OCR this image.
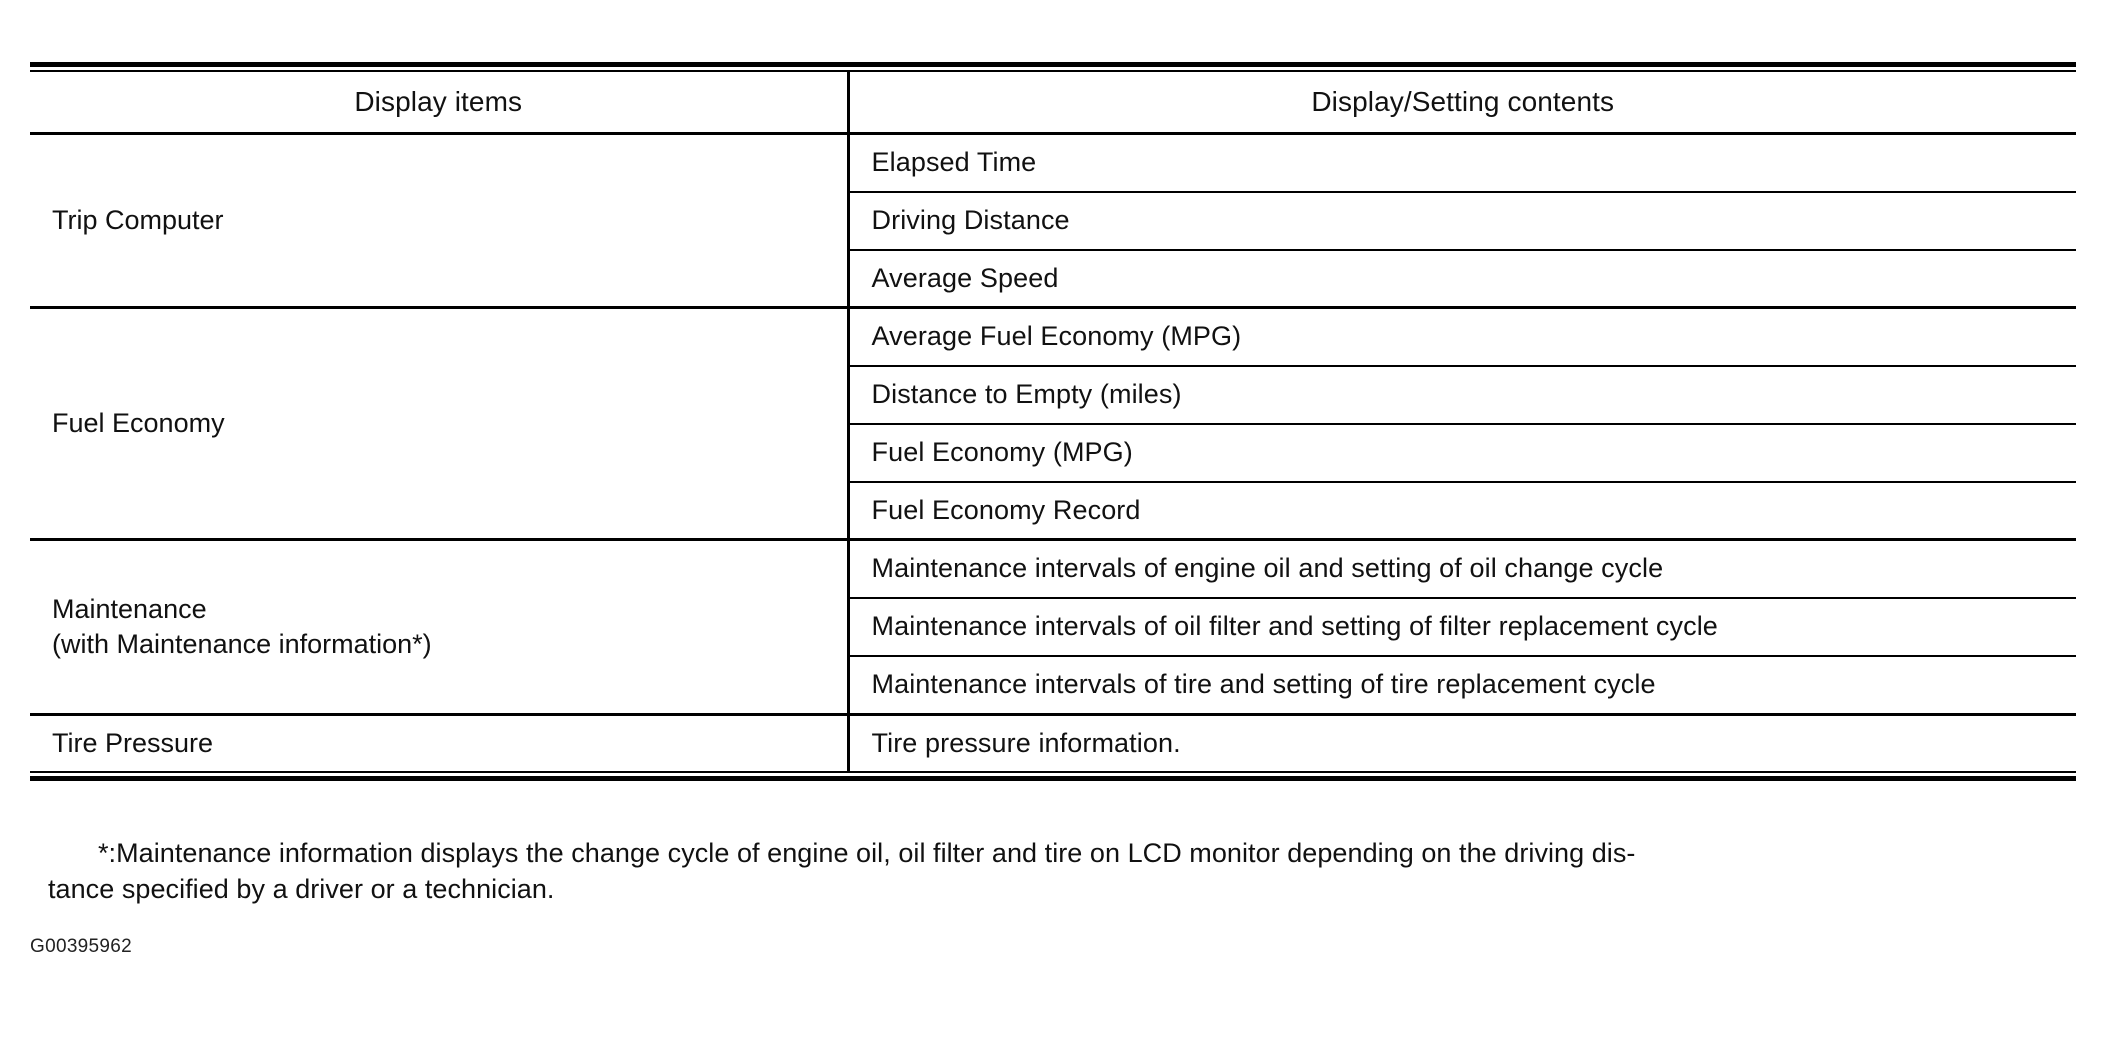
Display items	Display/Setting contents

Trip Computer	Elapsed Time

	Driving Distance

	Average Speed

Fuel Economy	Average Fuel Economy (MPG)

	Distance to Empty (miles)

	Fuel Economy (MPG)

	Fuel Economy Record

Maintenance
(with Maintenance information*)	Maintenance intervals of engine oil and setting of oil change cycle

	Maintenance intervals of oil filter and setting of filter replacement cycle

	Maintenance intervals of tire and setting of tire replacement cycle

Tire Pressure	Tire pressure information.
*:Maintenance information displays the change cycle of engine oil, oil filter and tire on LCD monitor depending on the driving dis-
tance specified by a driver or a technician.
G00395962
